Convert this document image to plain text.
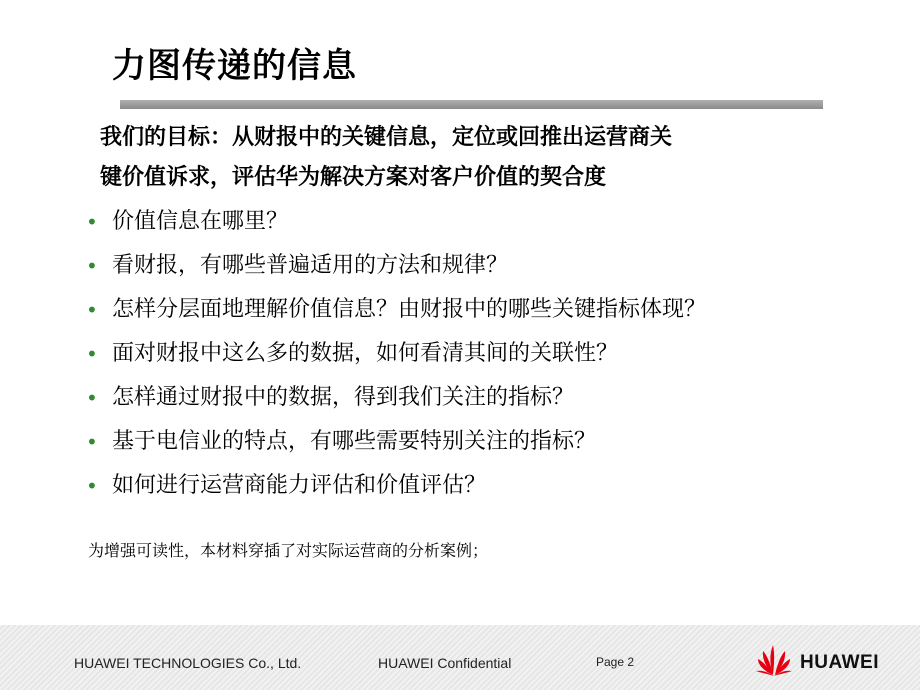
力图传递的信息
我们的目标：从财报中的关键信息，定位或回推出运营商关
键价值诉求，评估华为解决方案对客户价值的契合度
• 价值信息在哪里？
• 看财报，有哪些普遍适用的方法和规律？
• 怎样分层面地理解价值信息？由财报中的哪些关键指标体现？
• 面对财报中这么多的数据，如何看清其间的关联性？
• 怎样通过财报中的数据，得到我们关注的指标？
• 基于电信业的特点，有哪些需要特别关注的指标？
• 如何进行运营商能力评估和价值评估？
为增强可读性，本材料穿插了对实际运营商的分析案例；
HUAWEI TECHNOLOGIES Co., Ltd.	HUAWEI Confidential	Page 2	HUAWEI
